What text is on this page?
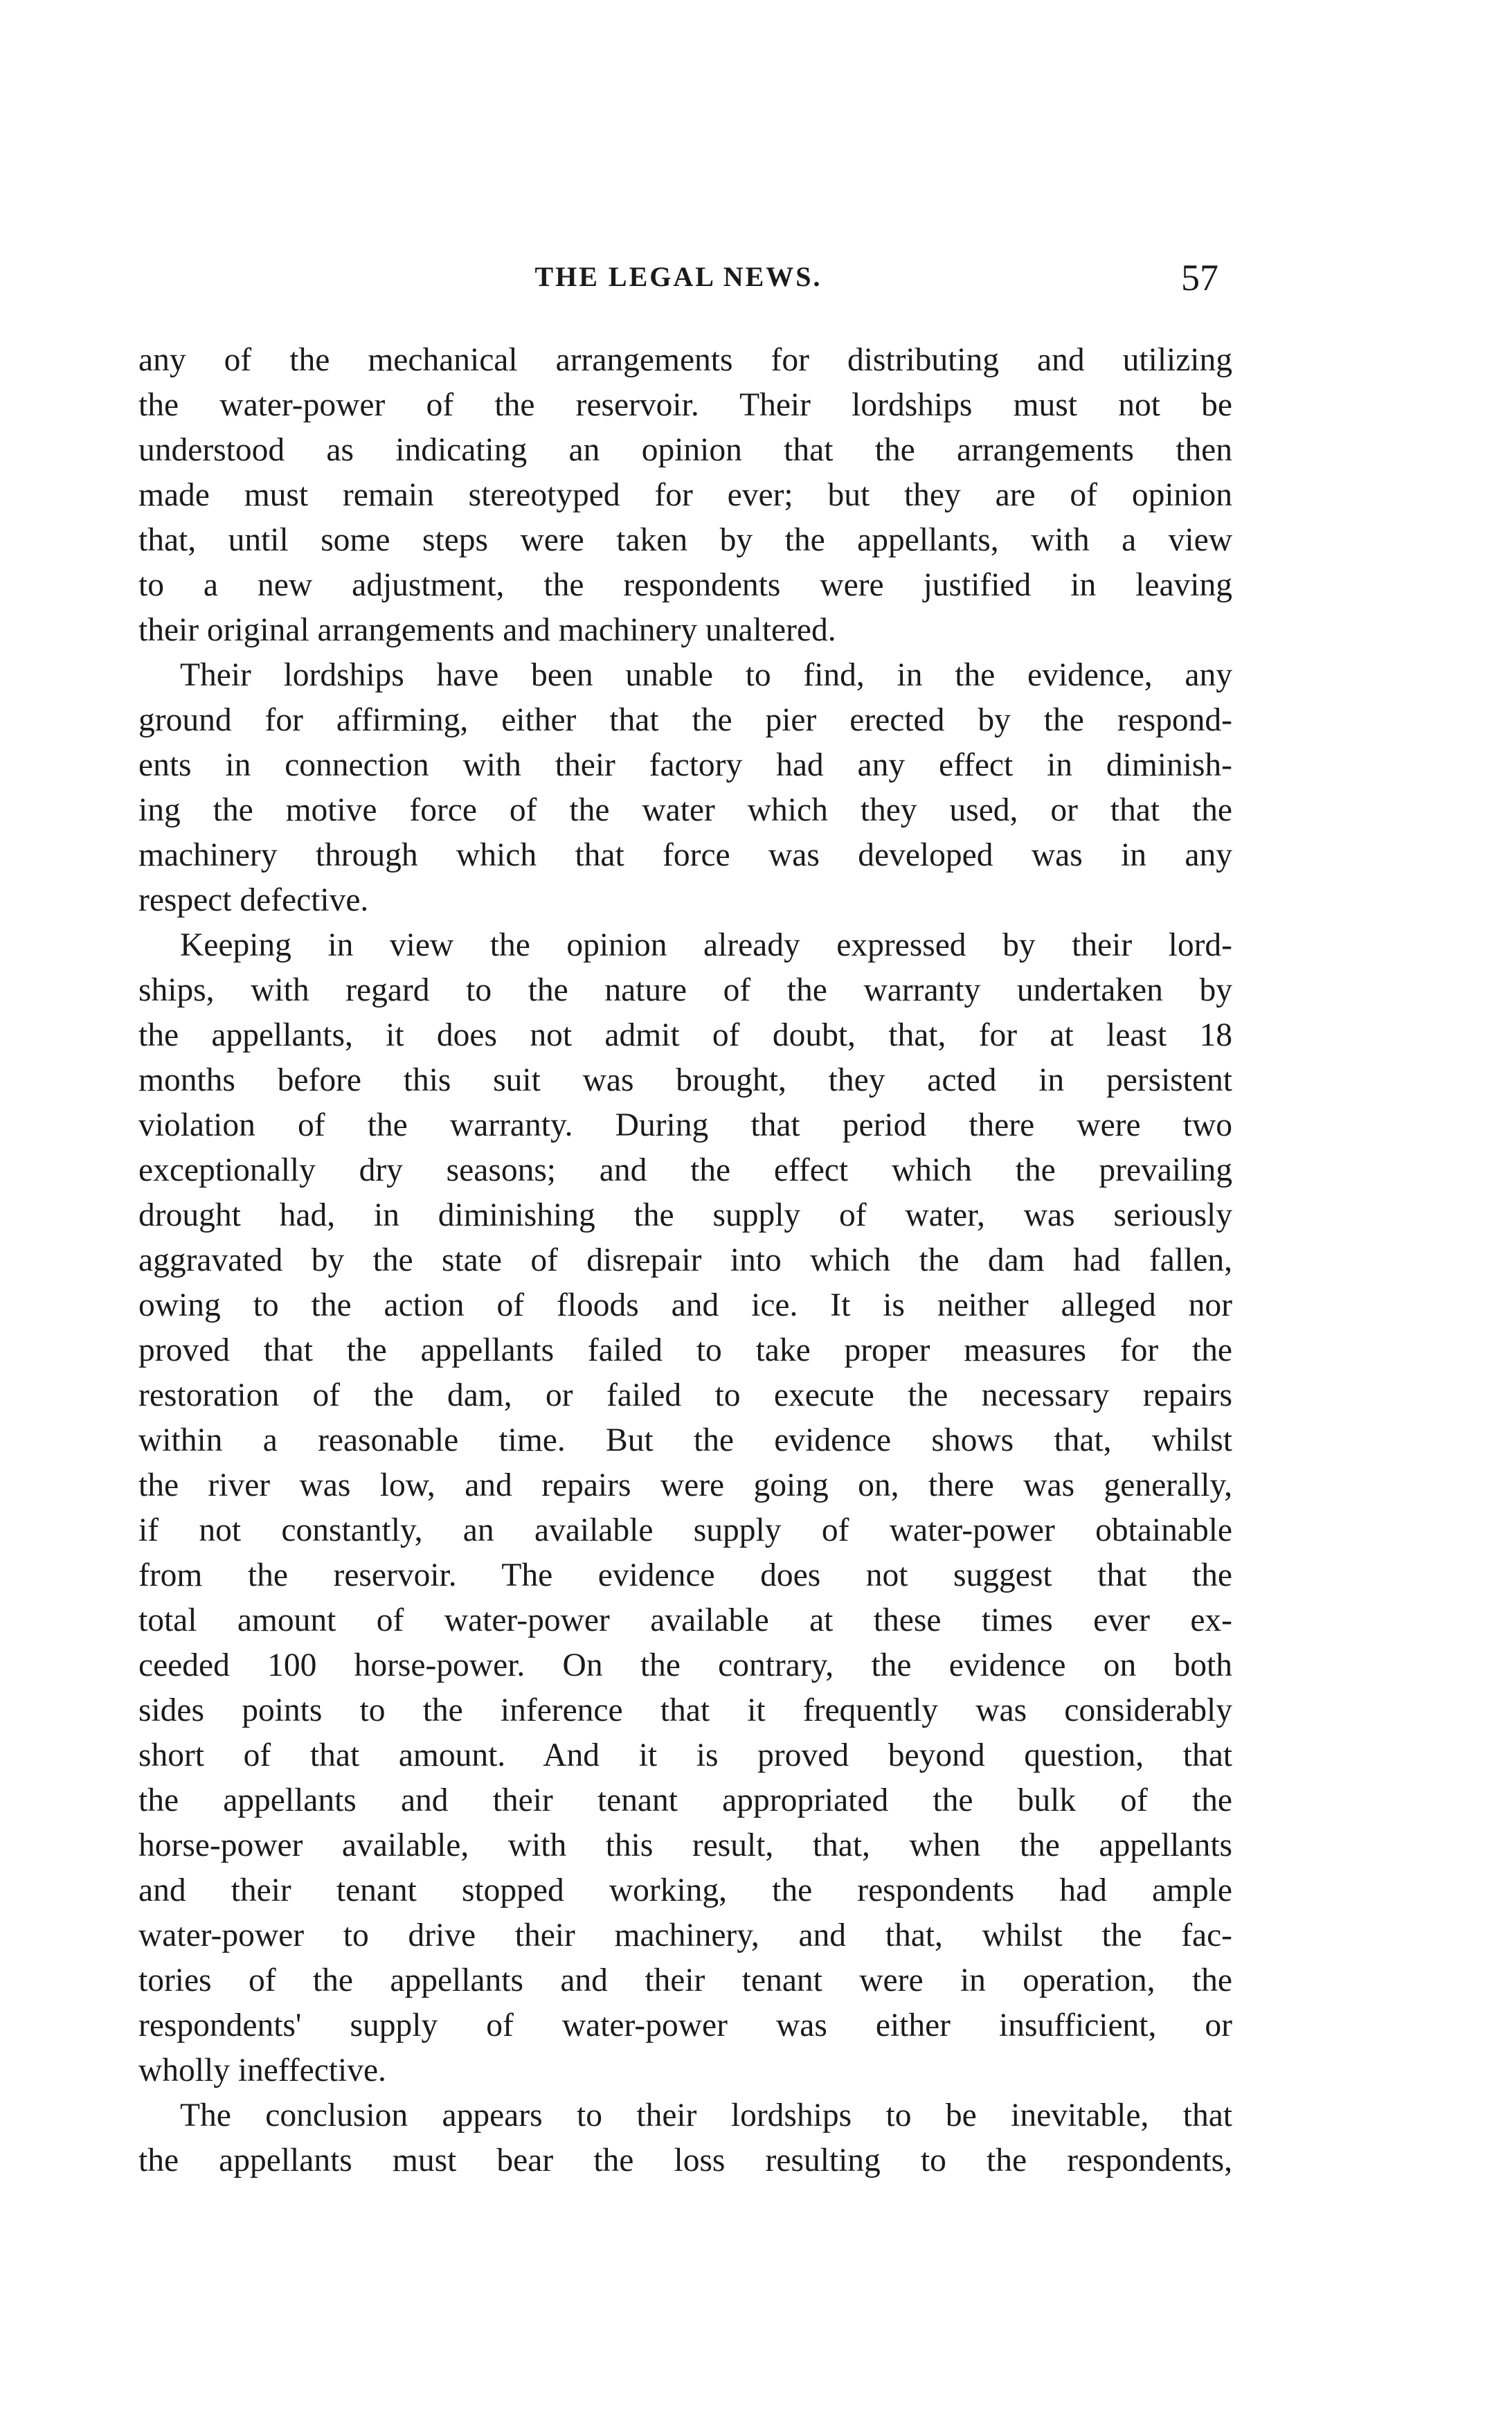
THE LEGAL NEWS.	57
any of the mechanical arrangements for distributing and utilizing
the water-power of the reservoir. Their lordships must not be
understood as indicating an opinion that the arrangements then
made must remain stereotyped for ever; but they are of opinion
that, until some steps were taken by the appellants, with a view
to a new adjustment, the respondents were justified in leaving
their original arrangements and machinery unaltered.
Their lordships have been unable to find, in the evidence, any
ground for affirming, either that the pier erected by the respond-
ents in connection with their factory had any effect in diminish-
ing the motive force of the water which they used, or that the
machinery through which that force was developed was in any
respect defective.
Keeping in view the opinion already expressed by their lord-
ships, with regard to the nature of the warranty undertaken by
the appellants, it does not admit of doubt, that, for at least 18
months before this suit was brought, they acted in persistent
violation of the warranty. During that period there were two
exceptionally dry seasons; and the effect which the prevailing
drought had, in diminishing the supply of water, was seriously
aggravated by the state of disrepair into which the dam had fallen,
owing to the action of floods and ice. It is neither alleged nor
proved that the appellants failed to take proper measures for the
restoration of the dam, or failed to execute the necessary repairs
within a reasonable time. But the evidence shows that, whilst
the river was low, and repairs were going on, there was generally,
if not constantly, an available supply of water-power obtainable
from the reservoir. The evidence does not suggest that the
total amount of water-power available at these times ever ex-
ceeded 100 horse-power. On the contrary, the evidence on both
sides points to the inference that it frequently was considerably
short of that amount. And it is proved beyond question, that
the appellants and their tenant appropriated the bulk of the
horse-power available, with this result, that, when the appellants
and their tenant stopped working, the respondents had ample
water-power to drive their machinery, and that, whilst the fac-
tories of the appellants and their tenant were in operation, the
respondents' supply of water-power was either insufficient, or
wholly ineffective.
The conclusion appears to their lordships to be inevitable, that
the appellants must bear the loss resulting to the respondents,
